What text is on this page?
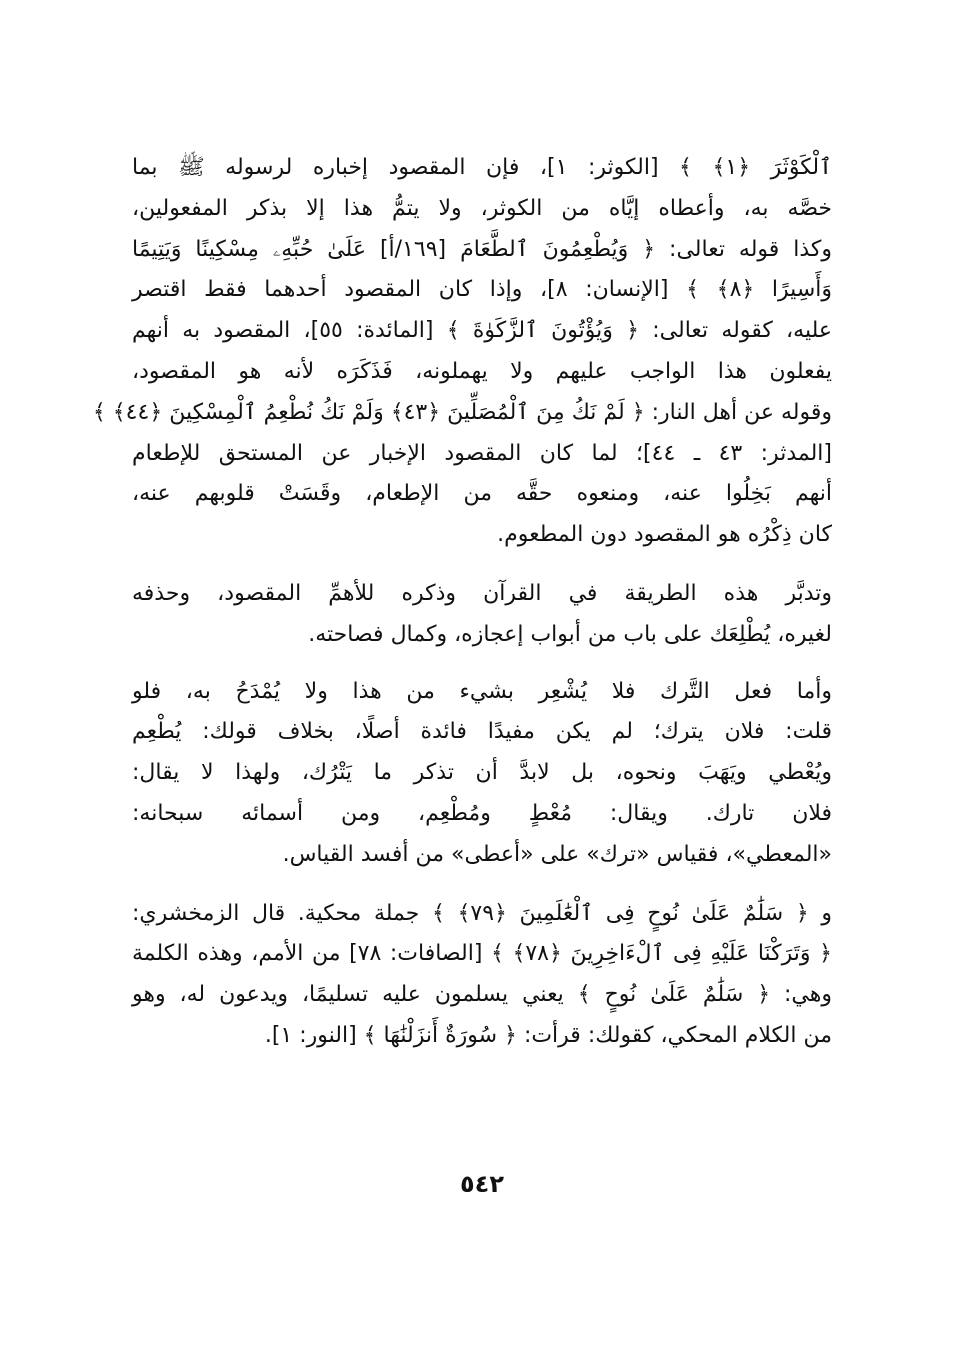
ٱلْكَوْثَرَ ﴿١﴾ ﴾ [الكوثر: ١]، فإن المقصود إخباره لرسوله ﷺ بما
خصَّه به، وأعطاه إيَّاه من الكوثر، ولا يتمُّ هذا إلا بذكر المفعولين،
وكذا قوله تعالى: ﴿ وَيُطْعِمُونَ ٱلطَّعَامَ [١٦٩/أ] عَلَىٰ حُبِّهِۦ مِسْكِينًا وَيَتِيمًا
وَأَسِيرًا ﴿٨﴾ ﴾ [الإنسان: ٨]، وإذا كان المقصود أحدهما فقط اقتصر
عليه، كقوله تعالى: ﴿ وَيُؤْتُونَ ٱلزَّكَوٰةَ ﴾ [المائدة: ٥٥]، المقصود به أنهم
يفعلون هذا الواجب عليهم ولا يهملونه، فَذَكَرَه لأنه هو المقصود،
وقوله عن أهل النار: ﴿ لَمْ نَكُ مِنَ ٱلْمُصَلِّينَ ﴿٤٣﴾ وَلَمْ نَكُ نُطْعِمُ ٱلْمِسْكِينَ ﴿٤٤﴾ ﴾
[المدثر: ٤٣ ـ ٤٤]؛ لما كان المقصود الإخبار عن المستحق للإطعام
أنهم بَخِلُوا عنه، ومنعوه حقَّه من الإطعام، وقَسَتْ قلوبهم عنه،
كان ذِكْرُه هو المقصود دون المطعوم.
وتدبَّر هذه الطريقة في القرآن وذكره للأهمِّ المقصود، وحذفه
لغيره، يُطْلِعَك على باب من أبواب إعجازه، وكمال فصاحته.
وأما فعل التَّرك فلا يُشْعِر بشيء من هذا ولا يُمْدَحُ به، فلو
قلت: فلان يترك؛ لم يكن مفيدًا فائدة أصلًا، بخلاف قولك: يُطْعِم
ويُعْطي ويَهَبَ ونحوه، بل لابدَّ أن تذكر ما يَتْرُك، ولهذا لا يقال:
فلان تارك. ويقال: مُعْطٍ ومُطْعِم، ومن أسمائه سبحانه:
«المعطي»، فقياس «ترك» على «أعطى» من أفسد القياس.
و ﴿ سَلَٰمٌ عَلَىٰ نُوحٍ فِى ٱلْعَٰلَمِينَ ﴿٧٩﴾ ﴾ جملة محكية. قال الزمخشري:
﴿ وَتَرَكْنَا عَلَيْهِ فِى ٱلْءَاخِرِينَ ﴿٧٨﴾ ﴾ [الصافات: ٧٨] من الأمم، وهذه الكلمة
وهي: ﴿ سَلَٰمٌ عَلَىٰ نُوحٍ ﴾ يعني يسلمون عليه تسليمًا، ويدعون له، وهو
من الكلام المحكي، كقولك: قرأت: ﴿ سُورَةٌ أَنزَلْنَٰهَا ﴾ [النور: ١].
٥٤٢
